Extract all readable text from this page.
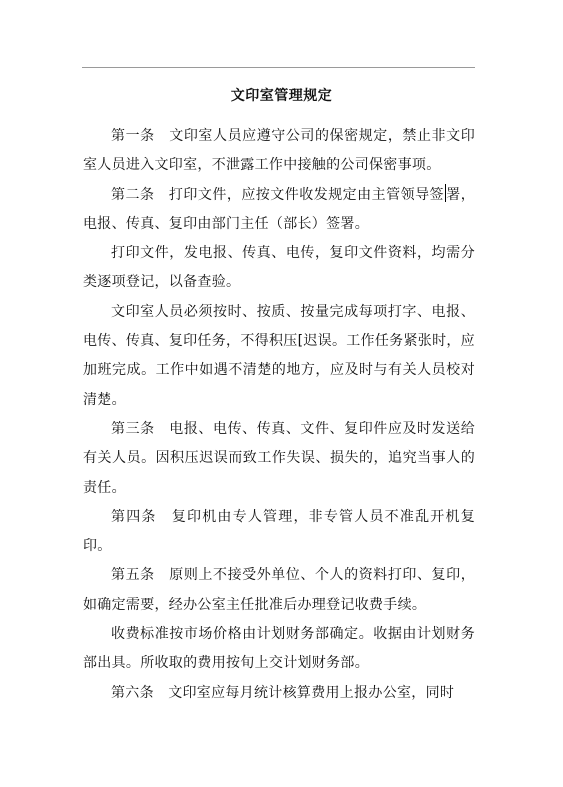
文印室管理规定

第一条　文印室人员应遵守公司的保密规定，禁止非文印室人员进入文印室，不泄露工作中接触的公司保密事项。

第二条　打印文件，应按文件收发规定由主管领导签 署，电报、传真、复印由部门主任（部长）签署。

打印文件，发电报、传真、电传，复印文件资料，均需分类逐项登记，以备查验。

文印室人员必须按时、按质、按量完成每项打字、电报、电传、传真、复印任务，不得积压[迟误。工作任务紧张时，应加班完成。工作中如遇不清楚的地方，应及时与有关人员校对清楚。

第三条　电报、电传、传真、文件、复印件应及时发送给有关人员。因积压迟误而致工作失误、损失的，追究当事人的责任。

第四条　复印机由专人管理，非专管人员不准乱开机复印。

第五条　原则上不接受外单位、个人的资料打印、复印，如确定需要，经办公室主任批准后办理登记收费手续。

收费标准按市场价格由计划财务部确定。收据由计划财务部出具。所收取的费用按旬上交计划财务部。

第六条　文印室应每月统计核算费用上报办公室，同时
